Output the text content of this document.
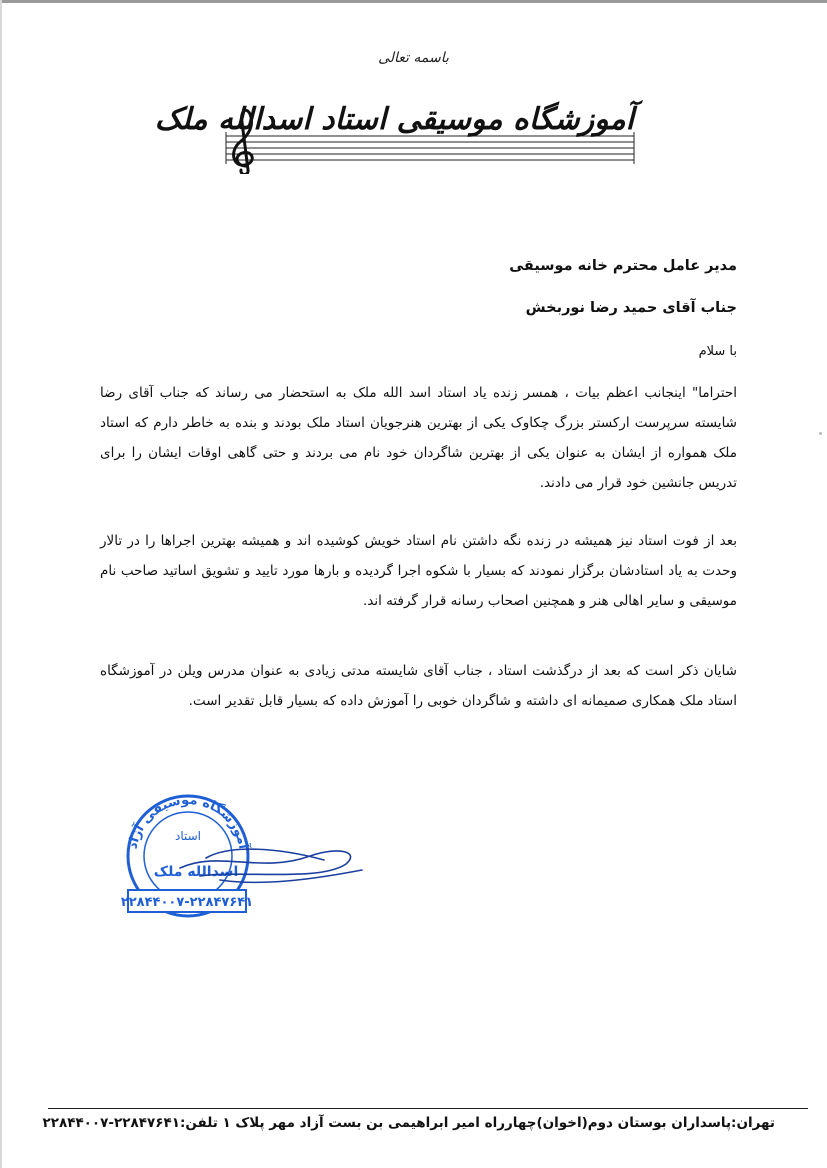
باسمه تعالی
آموزشگاه موسیقی استاد اسدالله ملک
مدیر عامل محترم خانه موسیقی
جناب آقای حمید رضا نوربخش
با سلام

احتراما" اینجانب اعظم بیات ، همسر زنده یاد استاد اسد الله ملک به استحضار می رساند که جناب آقای رضا شایسته سرپرست ارکستر بزرگ چکاوک یکی از بهترین هنرجویان استاد ملک بودند و بنده به خاطر دارم که استاد ملک همواره از ایشان به عنوان یکی از بهترین شاگردان خود نام می بردند و حتی گاهی اوقات ایشان را برای تدریس جانشین خود قرار می دادند.

بعد از فوت استاد نیز همیشه در زنده نگه داشتن نام استاد خویش کوشیده اند و همیشه بهترین اجراها را در تالار وحدت به یاد استادشان برگزار نمودند که بسیار با شکوه اجرا گردیده و بارها مورد تایید و تشویق اساتید صاحب نام موسیقی و سایر اهالی هنر و همچنین اصحاب رسانه قرار گرفته اند.

شایان ذکر است که بعد از درگذشت استاد ، جناب آقای شایسته مدتی زیادی به عنوان مدرس ویلن در آموزشگاه استاد ملک همکاری صمیمانه ای داشته و شاگردان خوبی را آموزش داده که بسیار قابل تقدیر است.

آموزشگاه موسیقی آزاد
استاد
اسدالله ملک
۲۲۸۴۴۰۰۷-۲۲۸۴۷۶۴۱
تهران:پاسداران بوستان دوم(اخوان)چهارراه امیر ابراهیمی بن بست آزاد مهر پلاک ۱ تلفن:۲۲۸۴۷۶۴۱-۲۲۸۴۴۰۰۷
